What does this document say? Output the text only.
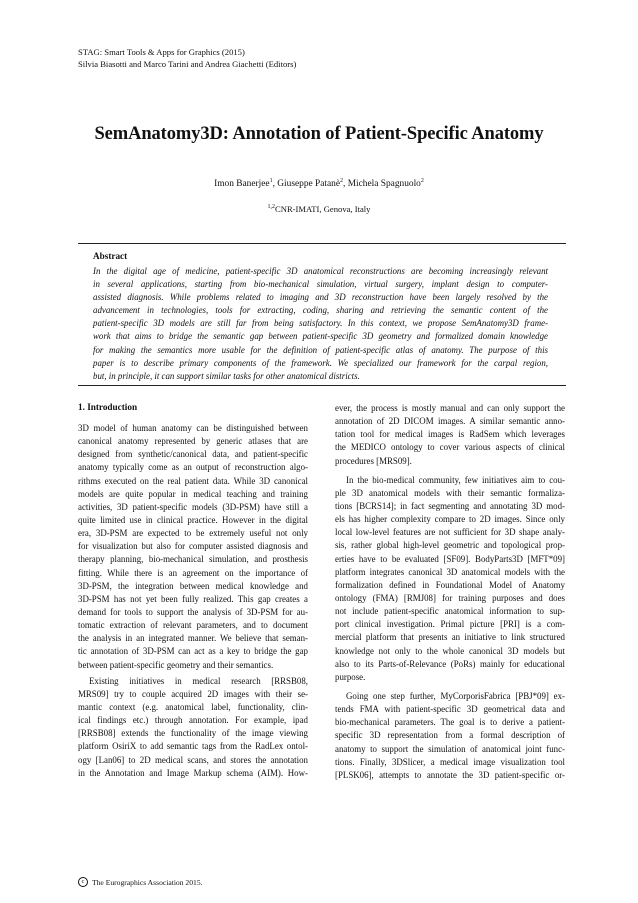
STAG: Smart Tools & Apps for Graphics (2015)
Silvia Biasotti and Marco Tarini and Andrea Giachetti (Editors)
SemAnatomy3D: Annotation of Patient-Specific Anatomy
Imon Banerjee$^1$, Giuseppe Patanè$^2$, Michela Spagnuolo$^2$
$^{1,2}$CNR-IMATI, Genova, Italy
Abstract
In the digital age of medicine, patient-specific 3D anatomical reconstructions are becoming increasingly relevant
in several applications, starting from bio-mechanical simulation, virtual surgery, implant design to computer-
assisted diagnosis. While problems related to imaging and 3D reconstruction have been largely resolved by the
advancement in technologies, tools for extracting, coding, sharing and retrieving the semantic content of the
patient-specific 3D models are still far from being satisfactory. In this context, we propose SemAnatomy3D frame-
work that aims to bridge the semantic gap between patient-specific 3D geometry and formalized domain knowledge
for making the semantics more usable for the definition of patient-specific atlas of anatomy. The purpose of this
paper is to describe primary components of the framework. We specialized our framework for the carpal region,
but, in principle, it can support similar tasks for other anatomical districts.
1. Introduction
3D model of human anatomy can be distinguished between
canonical anatomy represented by generic atlases that are
designed from synthetic/canonical data, and patient-specific
anatomy typically come as an output of reconstruction algo-
rithms executed on the real patient data. While 3D canonical
models are quite popular in medical teaching and training
activities, 3D patient-specific models (3D-PSM) have still a
quite limited use in clinical practice. However in the digital
era, 3D-PSM are expected to be extremely useful not only
for visualization but also for computer assisted diagnosis and
therapy planning, bio-mechanical simulation, and prosthesis
fitting. While there is an agreement on the importance of
3D-PSM, the integration between medical knowledge and
3D-PSM has not yet been fully realized. This gap creates a
demand for tools to support the analysis of 3D-PSM for au-
tomatic extraction of relevant parameters, and to document
the analysis in an integrated manner. We believe that seman-
tic annotation of 3D-PSM can act as a key to bridge the gap
between patient-specific geometry and their semantics.
Existing initiatives in medical research [RRSB08,
MRS09] try to couple acquired 2D images with their se-
mantic context (e.g. anatomical label, functionality, clin-
ical findings etc.) through annotation. For example, ipad
[RRSB08] extends the functionality of the image viewing
platform OsiriX to add semantic tags from the RadLex ontol-
ogy [Lan06] to 2D medical scans, and stores the annotation
in the Annotation and Image Markup schema (AIM). How-
ever, the process is mostly manual and can only support the
annotation of 2D DICOM images. A similar semantic anno-
tation tool for medical images is RadSem which leverages
the MEDICO ontology to cover various aspects of clinical
procedures [MRS09].
In the bio-medical community, few initiatives aim to cou-
ple 3D anatomical models with their semantic formaliza-
tions [BCRS14]; in fact segmenting and annotating 3D mod-
els has higher complexity compare to 2D images. Since only
local low-level features are not sufficient for 3D shape analy-
sis, rather global high-level geometric and topological prop-
erties have to be evaluated [SF09]. BodyParts3D [MFT*09]
platform integrates canonical 3D anatomical models with the
formalization defined in Foundational Model of Anatomy
ontology (FMA) [RMJ08] for training purposes and does
not include patient-specific anatomical information to sup-
port clinical investigation. Primal picture [PRI] is a com-
mercial platform that presents an initiative to link structured
knowledge not only to the whole canonical 3D models but
also to its Parts-of-Relevance (PoRs) mainly for educational
purpose.
Going one step further, MyCorporisFabrica [PBJ*09] ex-
tends FMA with patient-specific 3D geometrical data and
bio-mechanical parameters. The goal is to derive a patient-
specific 3D representation from a formal description of
anatomy to support the simulation of anatomical joint func-
tions. Finally, 3DSlicer, a medical image visualization tool
[PLSK06], attempts to annotate the 3D patient-specific or-
c	The Eurographics Association 2015.
